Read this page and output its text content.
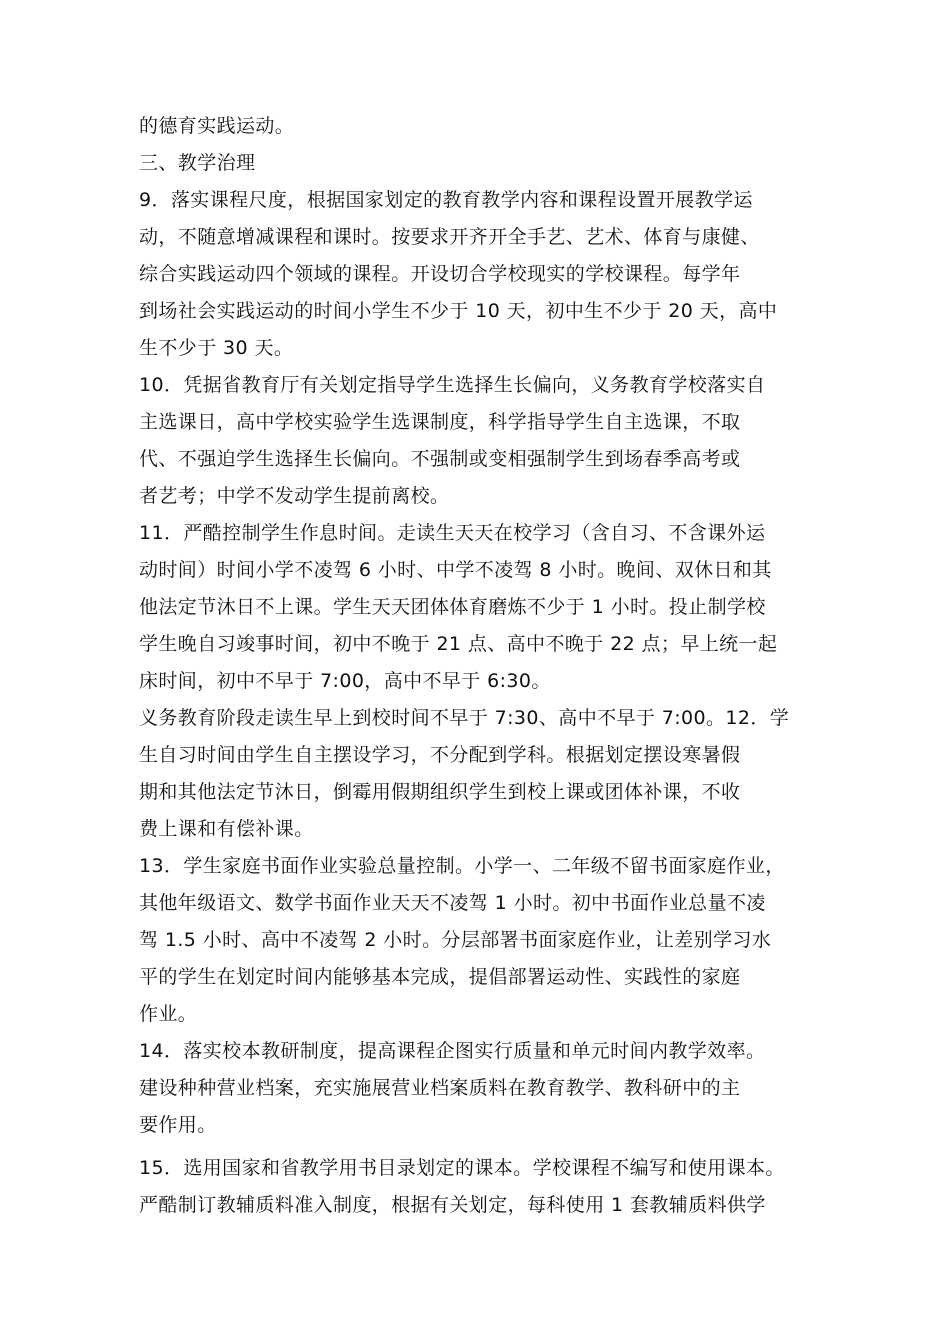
的德育实践运动。
三、教学治理
9．落实课程尺度，根据国家划定的教育教学内容和课程设置开展教学运
动，不随意增减课程和课时。按要求开齐开全手艺、艺术、体育与康健、
综合实践运动四个领域的课程。开设切合学校现实的学校课程。每学年
到场社会实践运动的时间小学生不少于 10 天，初中生不少于 20 天，高中
生不少于 30 天。
10．凭据省教育厅有关划定指导学生选择生长偏向，义务教育学校落实自
主选课日，高中学校实验学生选课制度，科学指导学生自主选课，不取
代、不强迫学生选择生长偏向。不强制或变相强制学生到场春季高考或
者艺考；中学不发动学生提前离校。
11．严酷控制学生作息时间。走读生天天在校学习（含自习、不含课外运
动时间）时间小学不凌驾 6 小时、中学不凌驾 8 小时。晚间、双休日和其
他法定节沐日不上课。学生天天团体体育磨炼不少于 1 小时。投止制学校
学生晚自习竣事时间，初中不晚于 21 点、高中不晚于 22 点；早上统一起
床时间，初中不早于 7:00，高中不早于 6:30。
义务教育阶段走读生早上到校时间不早于 7:30、高中不早于 7:00。12．学
生自习时间由学生自主摆设学习，不分配到学科。根据划定摆设寒暑假
期和其他法定节沐日，倒霉用假期组织学生到校上课或团体补课，不收
费上课和有偿补课。
13．学生家庭书面作业实验总量控制。小学一、二年级不留书面家庭作业，
其他年级语文、数学书面作业天天不凌驾 1 小时。初中书面作业总量不凌
驾 1.5 小时、高中不凌驾 2 小时。分层部署书面家庭作业，让差别学习水
平的学生在划定时间内能够基本完成，提倡部署运动性、实践性的家庭
作业。
14．落实校本教研制度，提高课程企图实行质量和单元时间内教学效率。
建设种种营业档案，充实施展营业档案质料在教育教学、教科研中的主
要作用。
15．选用国家和省教学用书目录划定的课本。学校课程不编写和使用课本。
严酷制订教辅质料准入制度，根据有关划定，每科使用 1 套教辅质料供学
